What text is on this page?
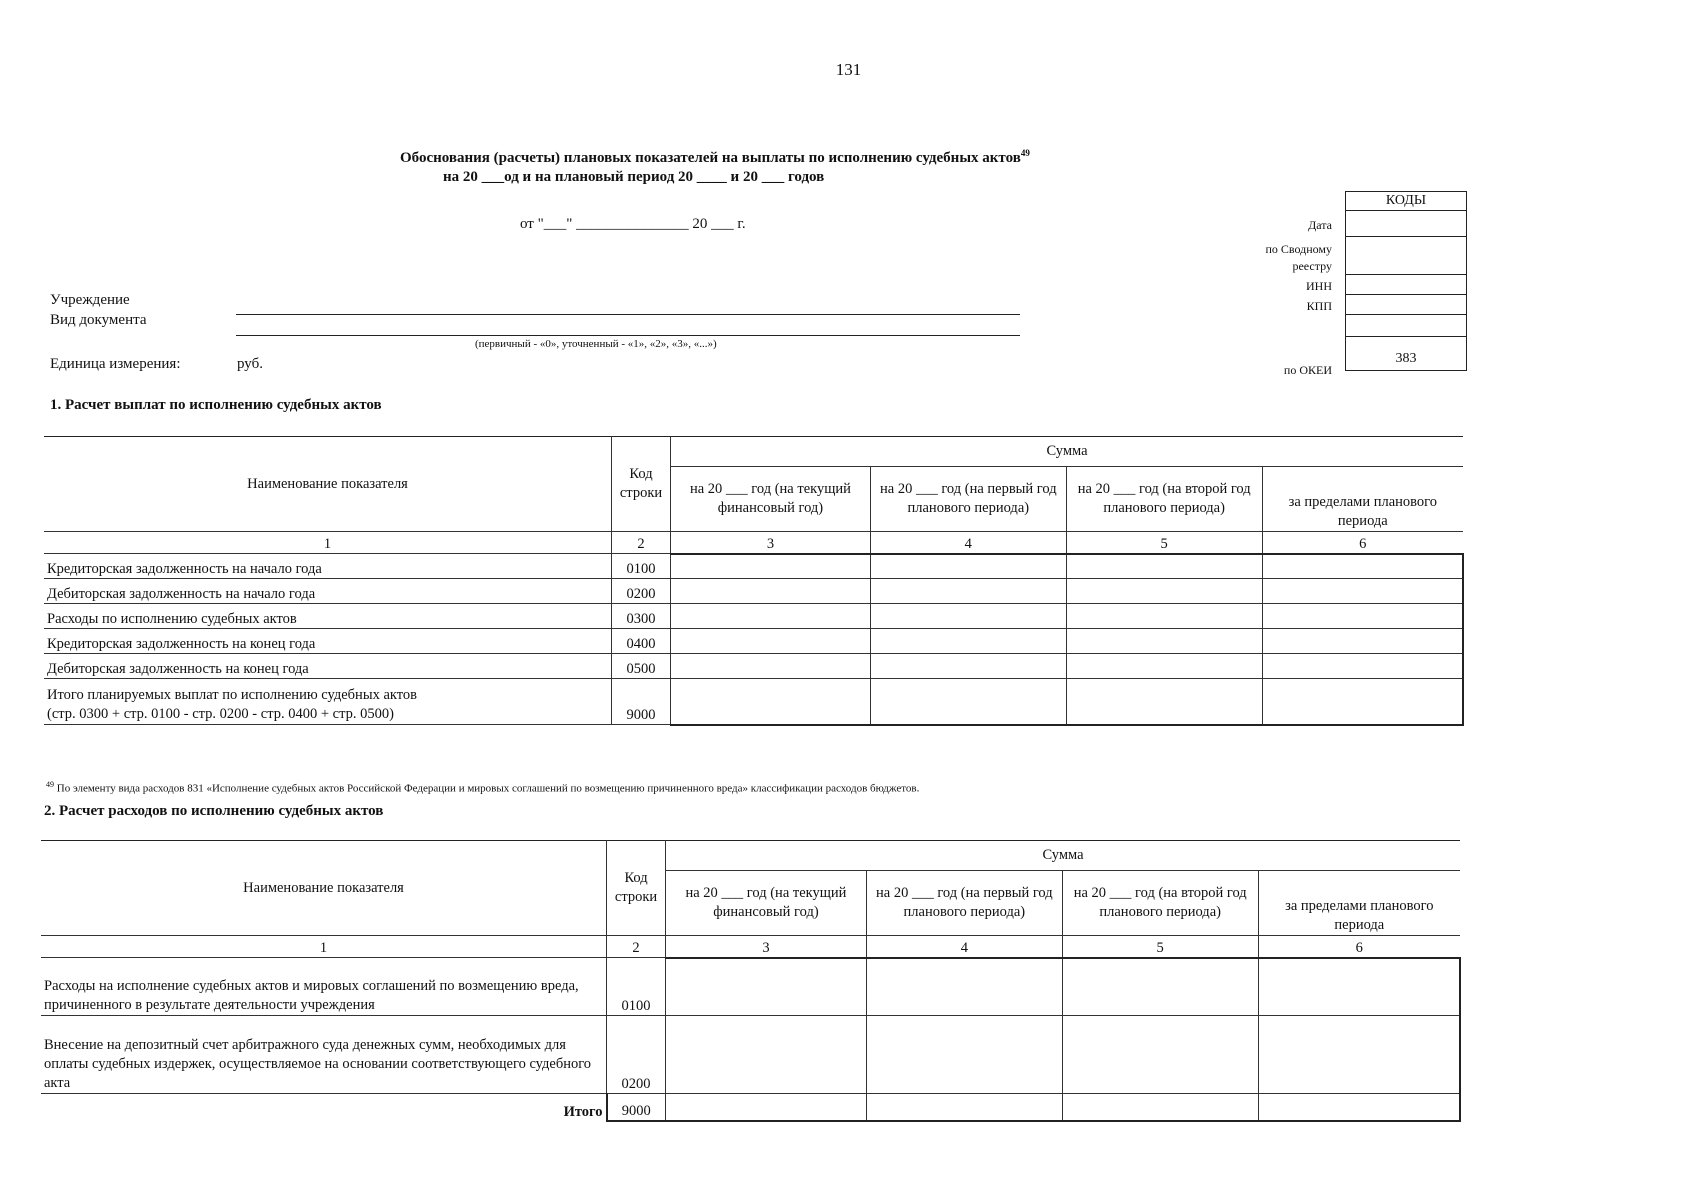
131
Обоснования (расчеты) плановых показателей на выплаты по исполнению судебных актов$^{49}$
на 20 ___од и на плановый период 20 ____ и 20 ___ годов
от "___" _______________ 20 ___ г.
Учреждение
Вид документа
(первичный - «0», уточненный - «1», «2», «3», «...»)
Единица измерения:	руб.
Дата
по Сводному
реестру
ИНН
КПП
по ОКЕИ
КОДЫ
383
1. Расчет выплат по исполнению судебных актов
Наименование показателя	Код строки	Сумма			
		на 20 ___ год (на текущий финансовый год)	на 20 ___ год (на первый год планового периода)	на 20 ___ год (на второй год планового периода)	за пределами планового периода
1	2	3	4	5	6
Кредиторская задолженность на начало года	0100				
Дебиторская задолженность на начало года	0200				
Расходы по исполнению судебных актов	0300				
Кредиторская задолженность на конец года	0400				
Дебиторская задолженность на конец года	0500				

Итого планируемых выплат по исполнению судебных актов
(стр. 0300 + стр. 0100 - стр. 0200 - стр. 0400 + стр. 0500)	9000				
$^{49}$ По элементу вида расходов 831 «Исполнение судебных актов Российской Федерации и мировых соглашений по возмещению причиненного вреда» классификации расходов бюджетов.
2. Расчет расходов по исполнению судебных актов
Наименование показателя	Код строки	Сумма			
		на 20 ___ год (на текущий финансовый год)	на 20 ___ год (на первый год планового периода)	на 20 ___ год (на второй год планового периода)	за пределами планового периода
1	2	3	4	5	6
Расходы на исполнение судебных актов и мировых соглашений по возмещению вреда, причиненного в результате деятельности учреждения	0100				
Внесение на депозитный счет арбитражного суда денежных сумм, необходимых для оплаты судебных издержек, осуществляемое на основании соответствующего судебного акта	0200				
Итого	9000				
